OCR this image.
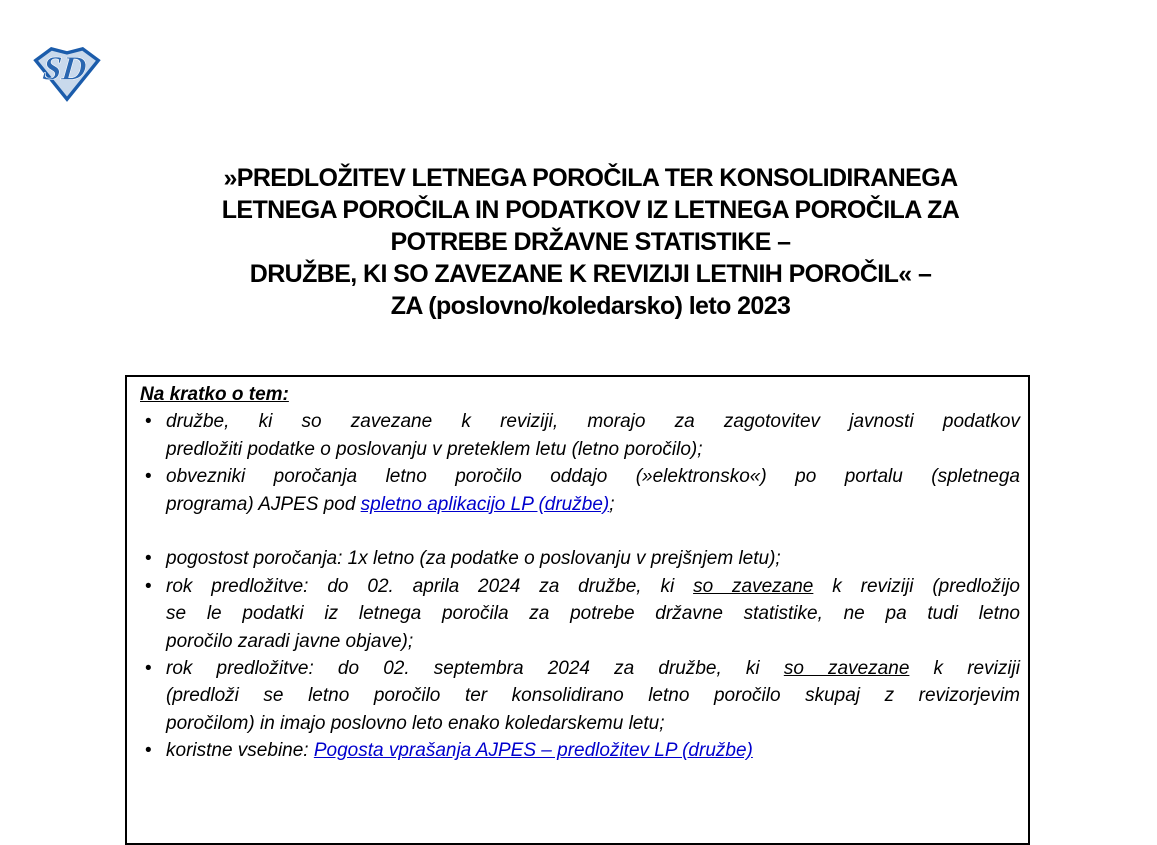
SD
»PREDLOŽITEV LETNEGA POROČILA TER KONSOLIDIRANEGA
LETNEGA POROČILA IN PODATKOV IZ LETNEGA POROČILA ZA
POTREBE DRŽAVNE STATISTIKE –
DRUŽBE, KI SO ZAVEZANE K REVIZIJI LETNIH POROČIL« –
ZA (poslovno/koledarsko) leto 2023
Na kratko o tem:
• družbe, ki so zavezane k reviziji, morajo za zagotovitev javnosti podatkov
predložiti podatke o poslovanju v preteklem letu (letno poročilo);
• obvezniki poročanja letno poročilo oddajo (»elektronsko«) po portalu (spletnega
programa) AJPES pod spletno aplikacijo LP (družbe);
• pogostost poročanja: 1x letno (za podatke o poslovanju v prejšnjem letu);
• rok predložitve: do 02. aprila 2024 za družbe, ki so zavezane k reviziji (predložijo
se le podatki iz letnega poročila za potrebe državne statistike, ne pa tudi letno
poročilo zaradi javne objave);
• rok predložitve: do 02. septembra 2024 za družbe, ki so zavezane k reviziji
(predloži se letno poročilo ter konsolidirano letno poročilo skupaj z revizorjevim
poročilom) in imajo poslovno leto enako koledarskemu letu;
• koristne vsebine: Pogosta vprašanja AJPES – predložitev LP (družbe)
